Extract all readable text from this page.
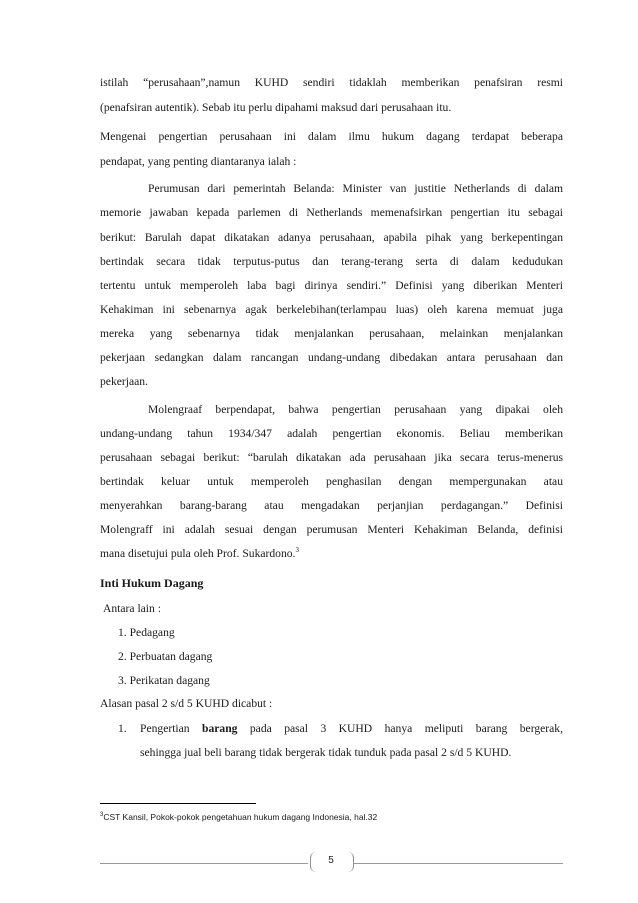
istilah “perusahaan”,namun KUHD sendiri tidaklah memberikan penafsiran resmi
(penafsiran autentik). Sebab itu perlu dipahami maksud dari perusahaan itu.
Mengenai pengertian perusahaan ini dalam ilmu hukum dagang terdapat beberapa
pendapat, yang penting diantaranya ialah :
Perumusan dari pemerintah Belanda: Minister van justitie Netherlands di dalam
memorie jawaban kepada parlemen di Netherlands memenafsirkan pengertian itu sebagai
berikut: Barulah dapat dikatakan adanya perusahaan, apabila pihak yang berkepentingan
bertindak secara tidak terputus-putus dan terang-terang serta di dalam kedudukan
tertentu untuk memperoleh laba bagi dirinya sendiri.” Definisi yang diberikan Menteri
Kehakiman ini sebenarnya agak berkelebihan(terlampau luas) oleh karena memuat juga
mereka yang sebenarnya tidak menjalankan perusahaan, melainkan menjalankan
pekerjaan sedangkan dalam rancangan undang-undang dibedakan antara perusahaan dan
pekerjaan.
Molengraaf berpendapat, bahwa pengertian perusahaan yang dipakai oleh
undang-undang tahun 1934/347 adalah pengertian ekonomis. Beliau memberikan
perusahaan sebagai berikut: “barulah dikatakan ada perusahaan jika secara terus-menerus
bertindak keluar untuk memperoleh penghasilan dengan mempergunakan atau
menyerahkan barang-barang atau mengadakan perjanjian perdagangan.” Definisi
Molengraff ini adalah sesuai dengan perumusan Menteri Kehakiman Belanda, definisi
mana disetujui pula oleh Prof. Sukardono.$^3$
Inti Hukum Dagang
Antara lain :
1. Pedagang
2. Perbuatan dagang
3. Perikatan dagang
Alasan pasal 2 s/d 5 KUHD dicabut :
1. Pengertian barang pada pasal 3 KUHD hanya meliputi barang bergerak,
sehingga jual beli barang tidak bergerak tidak tunduk pada pasal 2 s/d 5 KUHD.
$^3$CST Kansil, Pokok-pokok pengetahuan hukum dagang Indonesia, hal.32
5
